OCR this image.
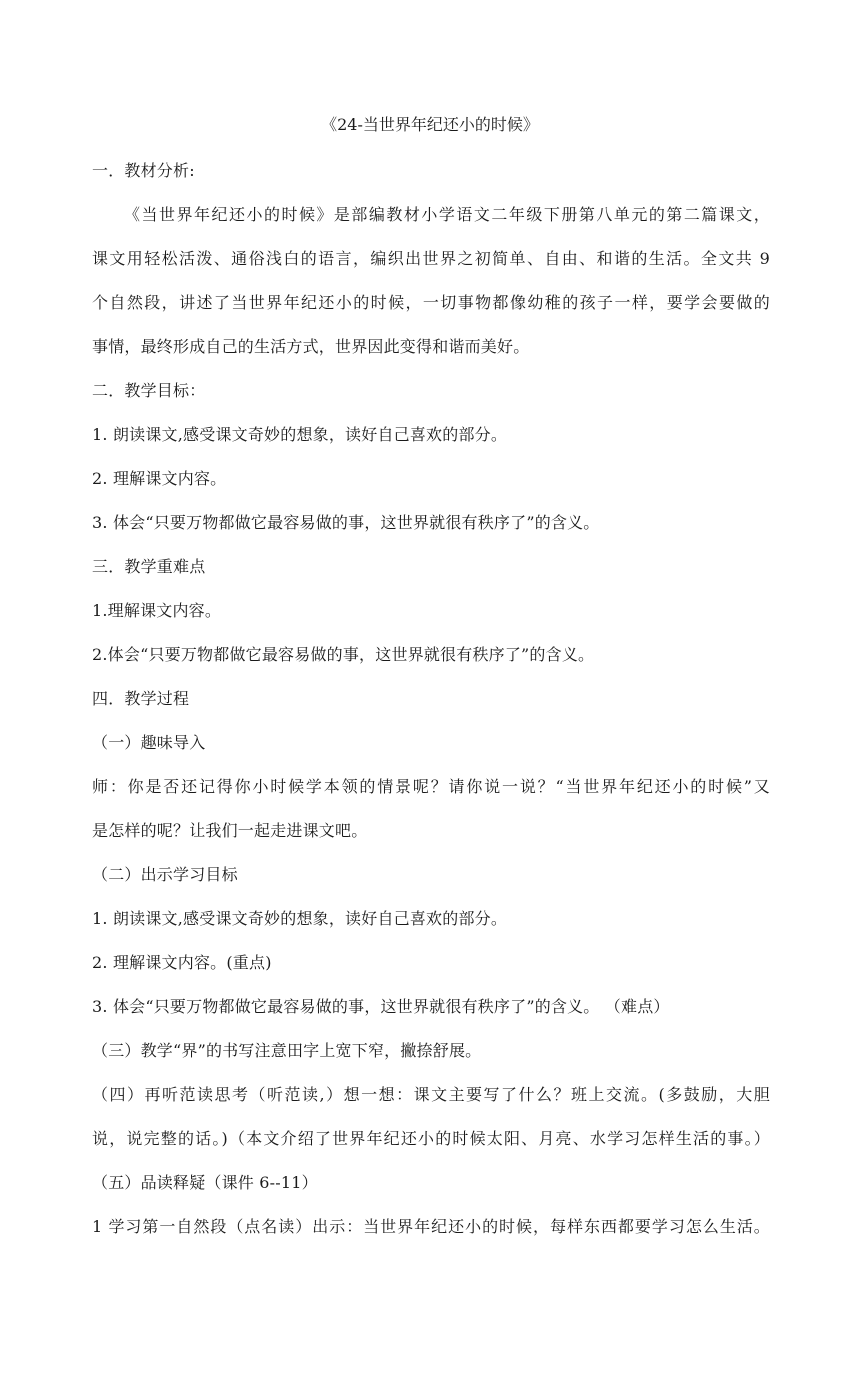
《24-当世界年纪还小的时候》
一．教材分析:
《当世界年纪还小的时候》是部编教材小学语文二年级下册第八单元的第二篇课文，
课文用轻松活泼、通俗浅白的语言，编织出世界之初简单、自由、和谐的生活。全文共 9
个自然段，讲述了当世界年纪还小的时候，一切事物都像幼稚的孩子一样，要学会要做的
事情，最终形成自己的生活方式，世界因此变得和谐而美好。
二．教学目标：
1. 朗读课文,感受课文奇妙的想象，读好自己喜欢的部分。
2. 理解课文内容。
3. 体会“只要万物都做它最容易做的事，这世界就很有秩序了”的含义。
三．教学重难点
1.理解课文内容。
2.体会“只要万物都做它最容易做的事，这世界就很有秩序了”的含义。
四．教学过程
（一）趣味导入
师：你是否还记得你小时候学本领的情景呢？请你说一说？“当世界年纪还小的时候”又
是怎样的呢？让我们一起走进课文吧。
（二）出示学习目标
1. 朗读课文,感受课文奇妙的想象，读好自己喜欢的部分。
2. 理解课文内容。(重点)
3. 体会“只要万物都做它最容易做的事，这世界就很有秩序了”的含义。 （难点）
（三）教学“界”的书写注意田字上宽下窄，撇捺舒展。
（四）再听范读思考（听范读,）想一想：课文主要写了什么？班上交流。(多鼓励，大胆
说，说完整的话。)（本文介绍了世界年纪还小的时候太阳、月亮、水学习怎样生活的事。）
（五）品读释疑（课件 6--11）
1 学习第一自然段（点名读）出示：当世界年纪还小的时候，每样东西都要学习怎么生活。
